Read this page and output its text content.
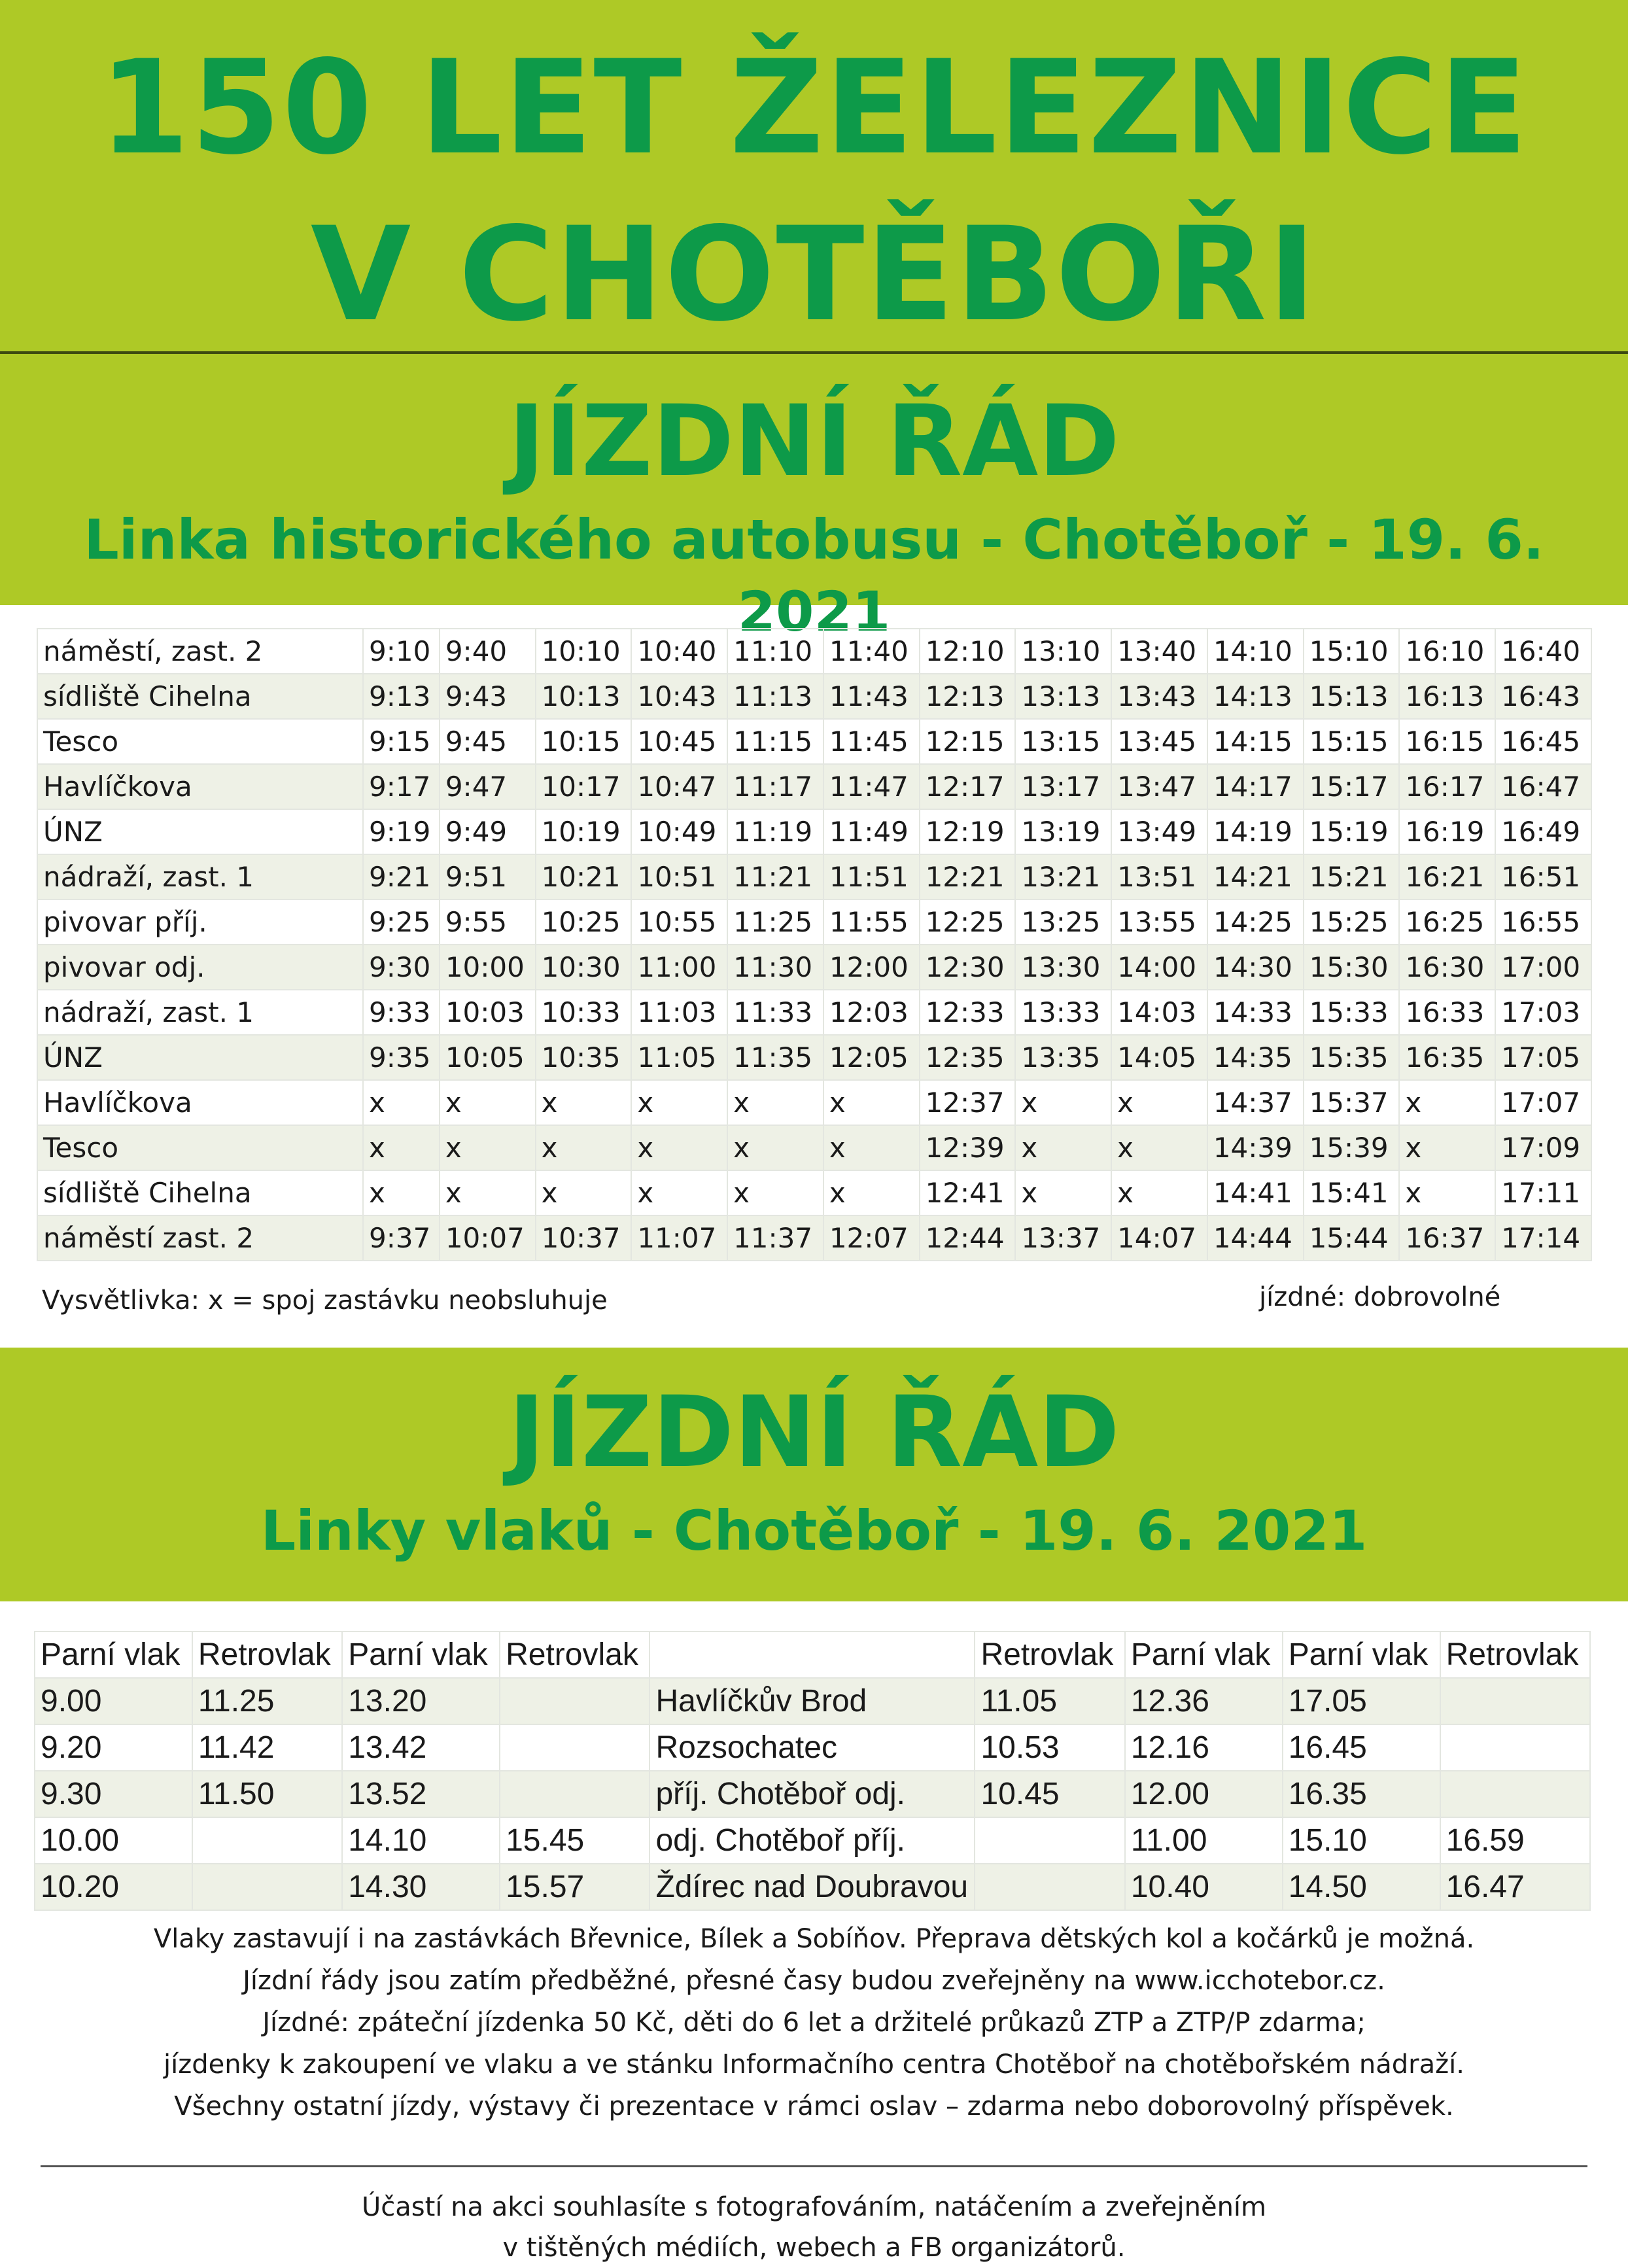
150 LET ŽELEZNICE
V CHOTĚBOŘI
JÍZDNÍ ŘÁD
Linka historického autobusu - Chotěboř - 19. 6. 2021
náměstí, zast. 2	9:10	9:40	10:10	10:40	11:10	11:40	12:10	13:10	13:40	14:10	15:10	16:10	16:40
sídliště Cihelna	9:13	9:43	10:13	10:43	11:13	11:43	12:13	13:13	13:43	14:13	15:13	16:13	16:43
Tesco	9:15	9:45	10:15	10:45	11:15	11:45	12:15	13:15	13:45	14:15	15:15	16:15	16:45
Havlíčkova	9:17	9:47	10:17	10:47	11:17	11:47	12:17	13:17	13:47	14:17	15:17	16:17	16:47
ÚNZ	9:19	9:49	10:19	10:49	11:19	11:49	12:19	13:19	13:49	14:19	15:19	16:19	16:49
nádraží, zast. 1	9:21	9:51	10:21	10:51	11:21	11:51	12:21	13:21	13:51	14:21	15:21	16:21	16:51
pivovar příj.	9:25	9:55	10:25	10:55	11:25	11:55	12:25	13:25	13:55	14:25	15:25	16:25	16:55
pivovar odj.	9:30	10:00	10:30	11:00	11:30	12:00	12:30	13:30	14:00	14:30	15:30	16:30	17:00
nádraží, zast. 1	9:33	10:03	10:33	11:03	11:33	12:03	12:33	13:33	14:03	14:33	15:33	16:33	17:03
ÚNZ	9:35	10:05	10:35	11:05	11:35	12:05	12:35	13:35	14:05	14:35	15:35	16:35	17:05
Havlíčkova	x	x	x	x	x	x	12:37	x	x	14:37	15:37	x	17:07
Tesco	x	x	x	x	x	x	12:39	x	x	14:39	15:39	x	17:09
sídliště Cihelna	x	x	x	x	x	x	12:41	x	x	14:41	15:41	x	17:11
náměstí zast. 2	9:37	10:07	10:37	11:07	11:37	12:07	12:44	13:37	14:07	14:44	15:44	16:37	17:14
Vysvětlivka: x = spoj zastávku neobsluhuje	jízdné: dobrovolné
JÍZDNÍ ŘÁD
Linky vlaků - Chotěboř - 19. 6. 2021
Parní vlak	Retrovlak	Parní vlak	Retrovlak		Retrovlak	Parní vlak	Parní vlak	Retrovlak
9.00	11.25	13.20		Havlíčkův Brod	11.05	12.36	17.05	
9.20	11.42	13.42		Rozsochatec	10.53	12.16	16.45	
9.30	11.50	13.52		příj. Chotěboř odj.	10.45	12.00	16.35	
10.00		14.10	15.45	odj. Chotěboř příj.		11.00	15.10	16.59
10.20		14.30	15.57	Ždírec nad Doubravou		10.40	14.50	16.47
Vlaky zastavují i na zastávkách Břevnice, Bílek a Sobíňov. Přeprava dětských kol a kočárků je možná.
Jízdní řády jsou zatím předběžné, přesné časy budou zveřejněny na www.icchotebor.cz.
Jízdné: zpáteční jízdenka 50 Kč, děti do 6 let a držitelé průkazů ZTP a ZTP/P zdarma;
jízdenky k zakoupení ve vlaku a ve stánku Informačního centra Chotěboř na chotěbořském nádraží.
Všechny ostatní jízdy, výstavy či prezentace v rámci oslav – zdarma nebo doborovolný příspěvek.
Účastí na akci souhlasíte s fotografováním, natáčením a zveřejněním
v tištěných médiích, webech a FB organizátorů.
